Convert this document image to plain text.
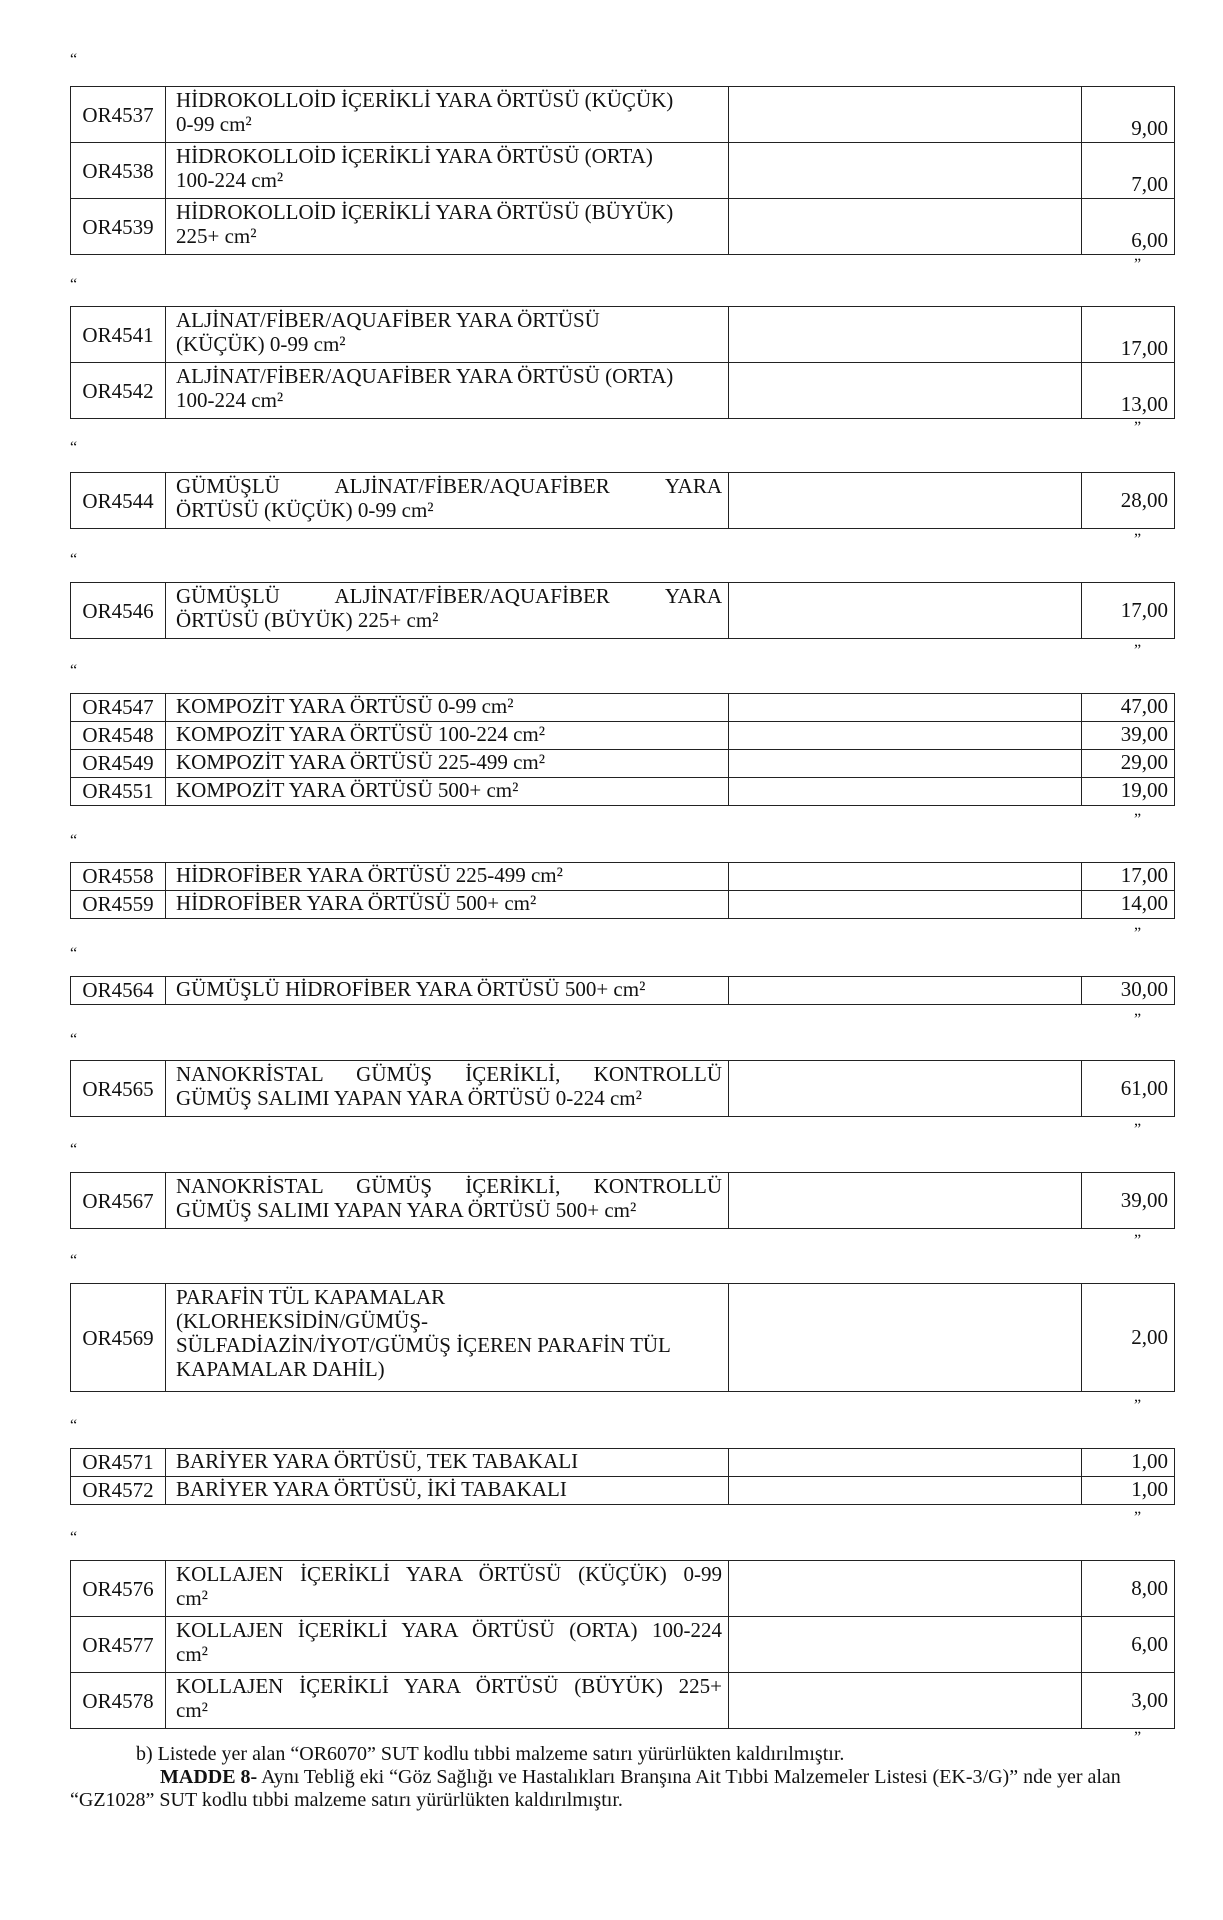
“
OR4537	HİDROKOLLOİD İÇERİKLİ YARA ÖRTÜSÜ (KÜÇÜK)
0-99 cm²		9,00
OR4538	HİDROKOLLOİD İÇERİKLİ YARA ÖRTÜSÜ (ORTA)
100-224 cm²		7,00
OR4539	HİDROKOLLOİD İÇERİKLİ YARA ÖRTÜSÜ (BÜYÜK)
225+ cm²		6,00
”
“
OR4541	ALJİNAT/FİBER/AQUAFİBER YARA ÖRTÜSÜ
(KÜÇÜK) 0-99 cm²		17,00
OR4542	ALJİNAT/FİBER/AQUAFİBER YARA ÖRTÜSÜ (ORTA)
100-224 cm²		13,00
”
“
OR4544	GÜMÜŞLÜ ALJİNAT/FİBER/AQUAFİBER YARA
ÖRTÜSÜ (KÜÇÜK) 0-99 cm²		28,00
”
“
OR4546	GÜMÜŞLÜ ALJİNAT/FİBER/AQUAFİBER YARA
ÖRTÜSÜ (BÜYÜK) 225+ cm²		17,00
”
“
OR4547	KOMPOZİT YARA ÖRTÜSÜ 0-99 cm²		47,00
OR4548	KOMPOZİT YARA ÖRTÜSÜ 100-224 cm²		39,00
OR4549	KOMPOZİT YARA ÖRTÜSÜ 225-499 cm²		29,00
OR4551	KOMPOZİT YARA ÖRTÜSÜ 500+ cm²		19,00
”
“
OR4558	HİDROFİBER YARA ÖRTÜSÜ 225-499 cm²		17,00
OR4559	HİDROFİBER YARA ÖRTÜSÜ 500+ cm²		14,00
”
“
OR4564	GÜMÜŞLÜ HİDROFİBER YARA ÖRTÜSÜ 500+ cm²		30,00
”
“
OR4565	NANOKRİSTAL GÜMÜŞ İÇERİKLİ, KONTROLLÜ
GÜMÜŞ SALIMI YAPAN YARA ÖRTÜSÜ 0-224 cm²		61,00
”
“
OR4567	NANOKRİSTAL GÜMÜŞ İÇERİKLİ, KONTROLLÜ
GÜMÜŞ SALIMI YAPAN YARA ÖRTÜSÜ 500+ cm²		39,00
”
“
OR4569	PARAFİN TÜL KAPAMALAR
(KLORHEKSİDİN/GÜMÜŞ-
SÜLFADİAZİN/İYOT/GÜMÜŞ İÇEREN PARAFİN TÜL
KAPAMALAR DAHİL)		2,00
”
“
OR4571	BARİYER YARA ÖRTÜSÜ, TEK TABAKALI		1,00
OR4572	BARİYER YARA ÖRTÜSÜ, İKİ TABAKALI		1,00
”
“
OR4576	KOLLAJEN İÇERİKLİ YARA ÖRTÜSÜ (KÜÇÜK) 0-99
cm²		8,00
OR4577	KOLLAJEN İÇERİKLİ YARA ÖRTÜSÜ (ORTA) 100-224
cm²		6,00
OR4578	KOLLAJEN İÇERİKLİ YARA ÖRTÜSÜ (BÜYÜK) 225+
cm²		3,00
”

b) Listede yer alan “OR6070” SUT kodlu tıbbi malzeme satırı yürürlükten kaldırılmıştır.

MADDE 8- Aynı Tebliğ eki “Göz Sağlığı ve Hastalıkları Branşına Ait Tıbbi Malzemeler Listesi (EK-3/G)” nde yer alan “GZ1028” SUT kodlu tıbbi malzeme satırı yürürlükten kaldırılmıştır.
